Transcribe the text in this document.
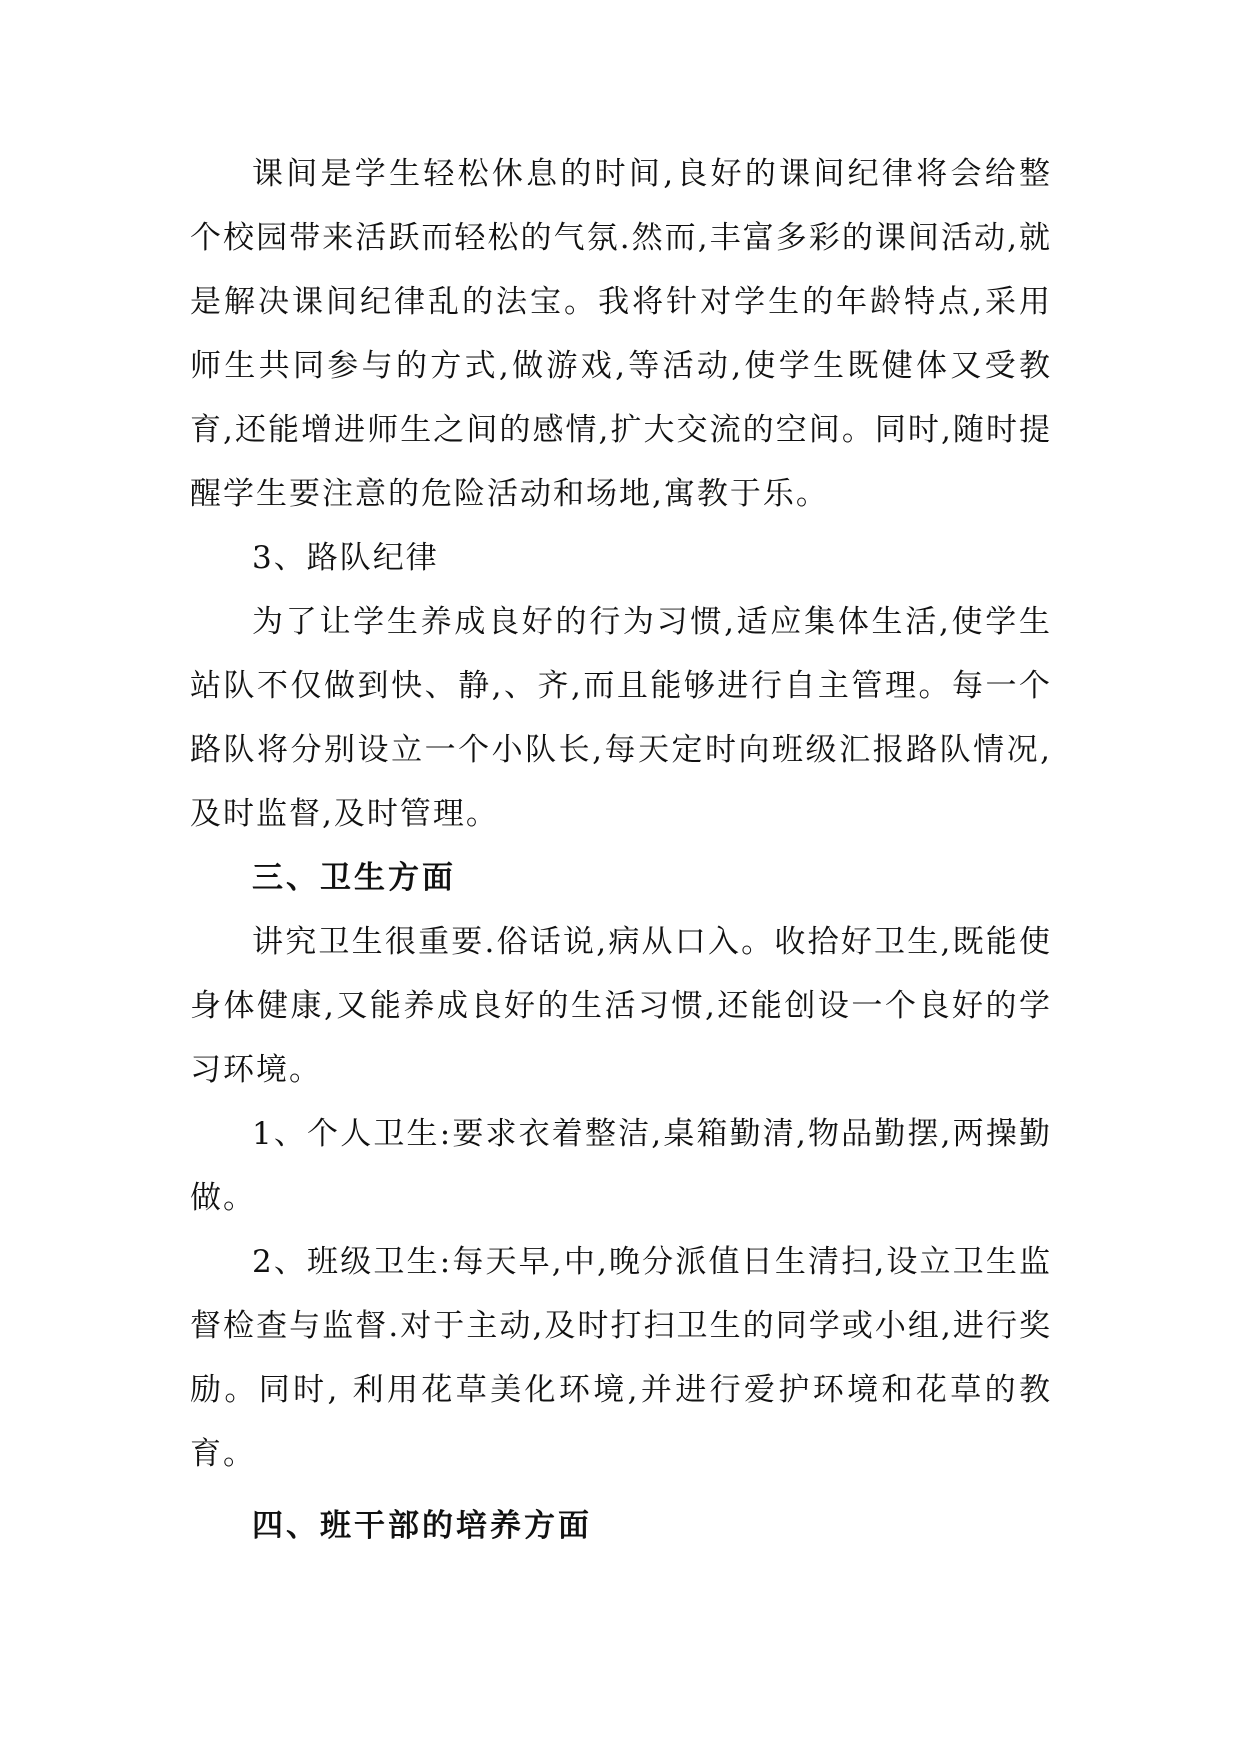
课间是学生轻松休息的时间,良好的课间纪律将会给整个校园带来活跃而轻松的气氛.然而,丰富多彩的课间活动,就是解决课间纪律乱的法宝。我将针对学生的年龄特点,采用师生共同参与的方式,做游戏,等活动,使学生既健体又受教育,还能增进师生之间的感情,扩大交流的空间。同时,随时提醒学生要注意的危险活动和场地,寓教于乐。

3、路队纪律

为了让学生养成良好的行为习惯,适应集体生活,使学生站队不仅做到快、静,、齐,而且能够进行自主管理。每一个路队将分别设立一个小队长,每天定时向班级汇报路队情况,及时监督,及时管理。

三、卫生方面

讲究卫生很重要.俗话说,病从口入。收拾好卫生,既能使身体健康,又能养成良好的生活习惯,还能创设一个良好的学习环境。

1、个人卫生:要求衣着整洁,桌箱勤清,物品勤摆,两操勤做。

2、班级卫生:每天早,中,晚分派值日生清扫,设立卫生监督检查与监督.对于主动,及时打扫卫生的同学或小组,进行奖励。同时, 利用花草美化环境,并进行爱护环境和花草的教育。

四、班干部的培养方面
